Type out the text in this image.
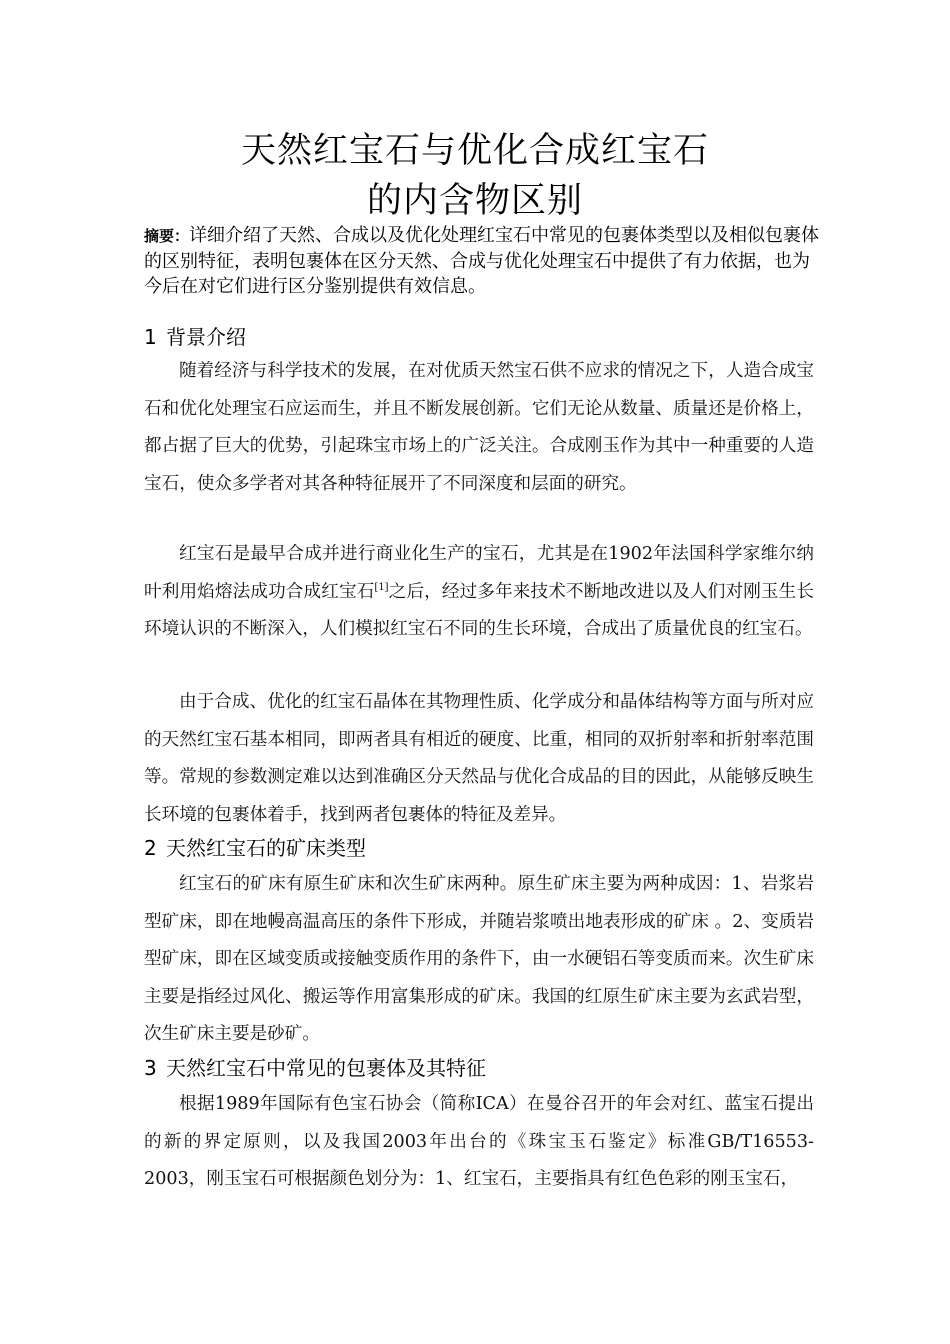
天然红宝石与优化合成红宝石
的内含物区别
摘要：详细介绍了天然、合成以及优化处理红宝石中常见的包裹体类型以及相似包裹体的区别特征，表明包裹体在区分天然、合成与优化处理宝石中提供了有力依据，也为今后在对它们进行区分鉴别提供有效信息。
1 背景介绍
随着经济与科学技术的发展，在对优质天然宝石供不应求的情况之下，人造合成宝石和优化处理宝石应运而生，并且不断发展创新。它们无论从数量、质量还是价格上，都占据了巨大的优势，引起珠宝市场上的广泛关注。合成刚玉作为其中一种重要的人造宝石，使众多学者对其各种特征展开了不同深度和层面的研究。
红宝石是最早合成并进行商业化生产的宝石，尤其是在1902年法国科学家维尔纳叶利用焰熔法成功合成红宝石[1]之后，经过多年来技术不断地改进以及人们对刚玉生长环境认识的不断深入，人们模拟红宝石不同的生长环境，合成出了质量优良的红宝石。
由于合成、优化的红宝石晶体在其物理性质、化学成分和晶体结构等方面与所对应的天然红宝石基本相同，即两者具有相近的硬度、比重，相同的双折射率和折射率范围等。常规的参数测定难以达到准确区分天然品与优化合成品的目的因此，从能够反映生长环境的包裹体着手，找到两者包裹体的特征及差异。
2 天然红宝石的矿床类型
红宝石的矿床有原生矿床和次生矿床两种。原生矿床主要为两种成因：1、岩浆岩型矿床，即在地幔高温高压的条件下形成，并随岩浆喷出地表形成的矿床 。2、变质岩型矿床，即在区域变质或接触变质作用的条件下，由一水硬铝石等变质而来。次生矿床主要是指经过风化、搬运等作用富集形成的矿床。我国的红原生矿床主要为玄武岩型，次生矿床主要是砂矿。
3 天然红宝石中常见的包裹体及其特征
根据1989年国际有色宝石协会（简称ICA）在曼谷召开的年会对红、蓝宝石提出的新的界定原则，以及我国2003年出台的《珠宝玉石鉴定》标准GB/T16553-2003，刚玉宝石可根据颜色划分为：1、红宝石，主要指具有红色色彩的刚玉宝石，
